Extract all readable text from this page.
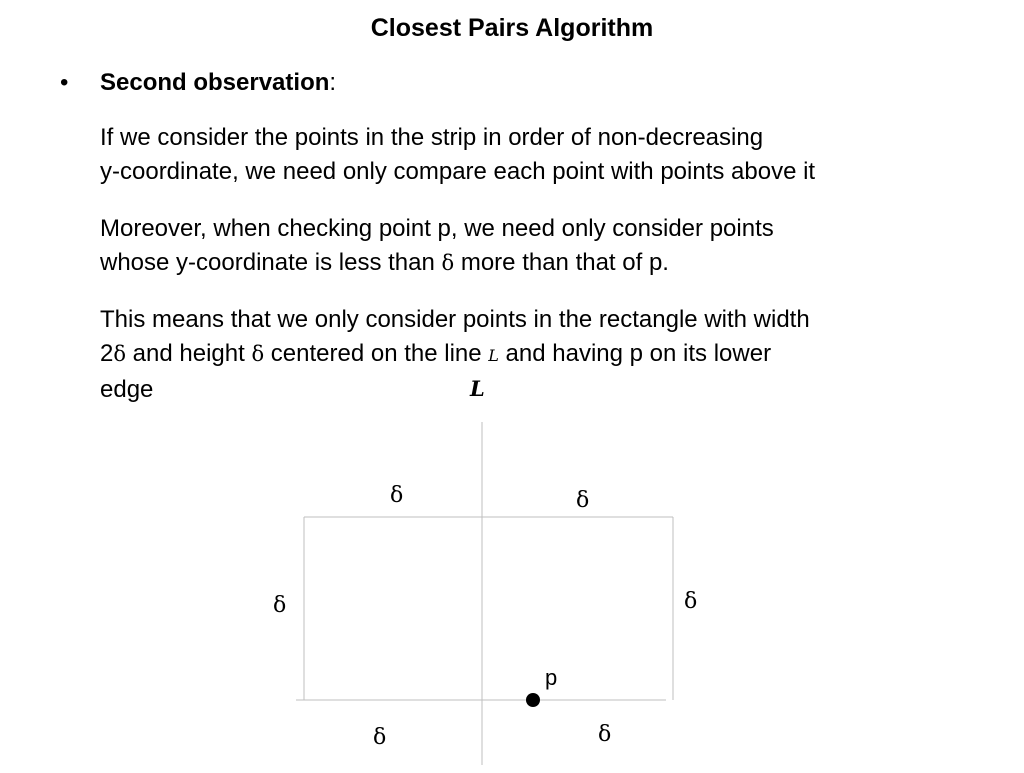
Closest Pairs Algorithm
•	Second observation:
If we consider the points in the strip in order of non-decreasing
y-coordinate, we need only compare each point with points above it
Moreover, when checking point p, we need only consider points
whose y-coordinate is less than δ more than that of p.
This means that we only consider points in the rectangle with width
2δ and height δ centered on the line L and having p on its lower
edge	L
δ	δ
δ	δ
δ	δ
p
